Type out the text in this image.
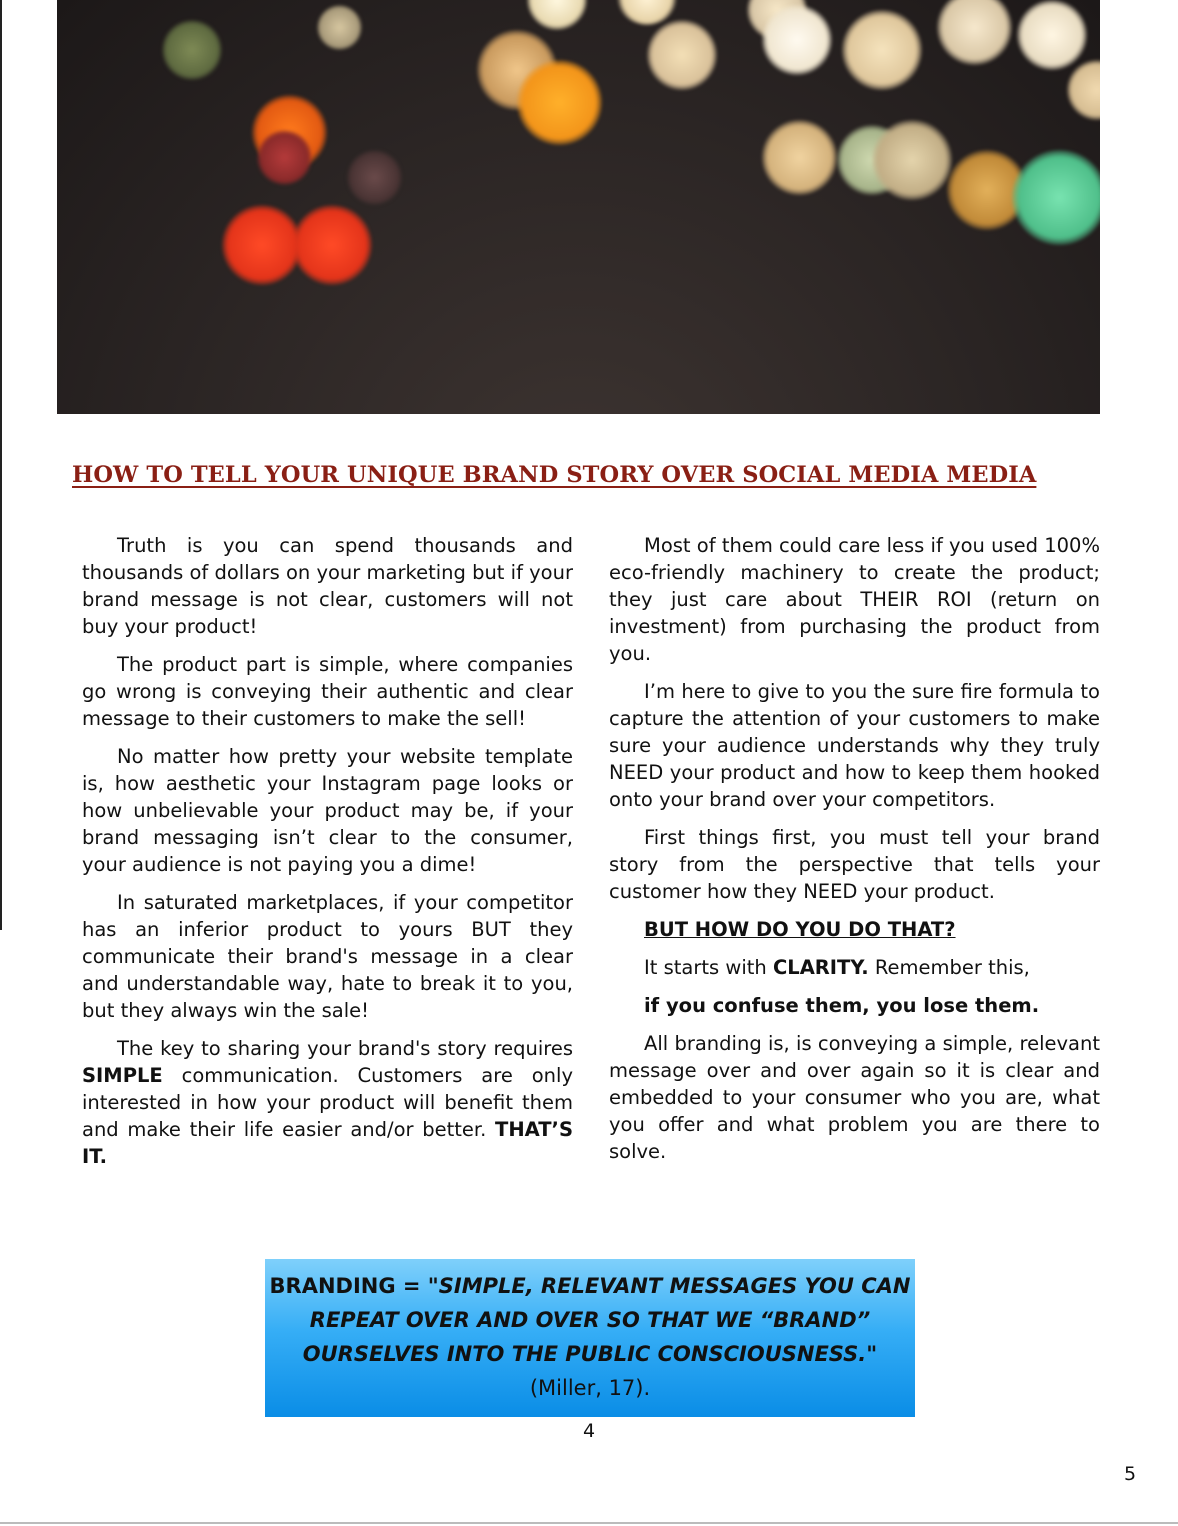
HOW TO TELL YOUR UNIQUE BRAND STORY OVER SOCIAL MEDIA MEDIA

Truth is you can spend thousands and thousands of dollars on your marketing but if your brand message is not clear, customers will not buy your product!

The product part is simple, where companies go wrong is conveying their authentic and clear message to their customers to make the sell!

No matter how pretty your website template is, how aesthetic your Instagram page looks or how unbelievable your product may be, if your brand messaging isn’t clear to the consumer, your audience is not paying you a dime!

In saturated marketplaces, if your competitor has an inferior product to yours BUT they communicate their brand's message in a clear and understandable way, hate to break it to you, but they always win the sale!

The key to sharing your brand's story requires SIMPLE communication. Customers are only interested in how your product will benefit them and make their life easier and/or better. THAT’S IT.

Most of them could care less if you used 100% eco-friendly machinery to create the product; they just care about THEIR ROI (return on investment) from purchasing the product from you.

I’m here to give to you the sure fire formula to capture the attention of your customers to make sure your audience understands why they truly NEED your product and how to keep them hooked onto your brand over your competitors.

First things first, you must tell your brand story from the perspective that tells your customer how they NEED your product.

BUT HOW DO YOU DO THAT?

It starts with CLARITY. Remember this,

if you confuse them, you lose them.

All branding is, is conveying a simple, relevant message over and over again so it is clear and embedded to your consumer who you are, what you offer and what problem you are there to solve.

BRANDING = "SIMPLE, RELEVANT MESSAGES YOU CAN REPEAT OVER AND OVER SO THAT WE “BRAND” OURSELVES INTO THE PUBLIC CONSCIOUSNESS."
(Miller, 17).
4
5
